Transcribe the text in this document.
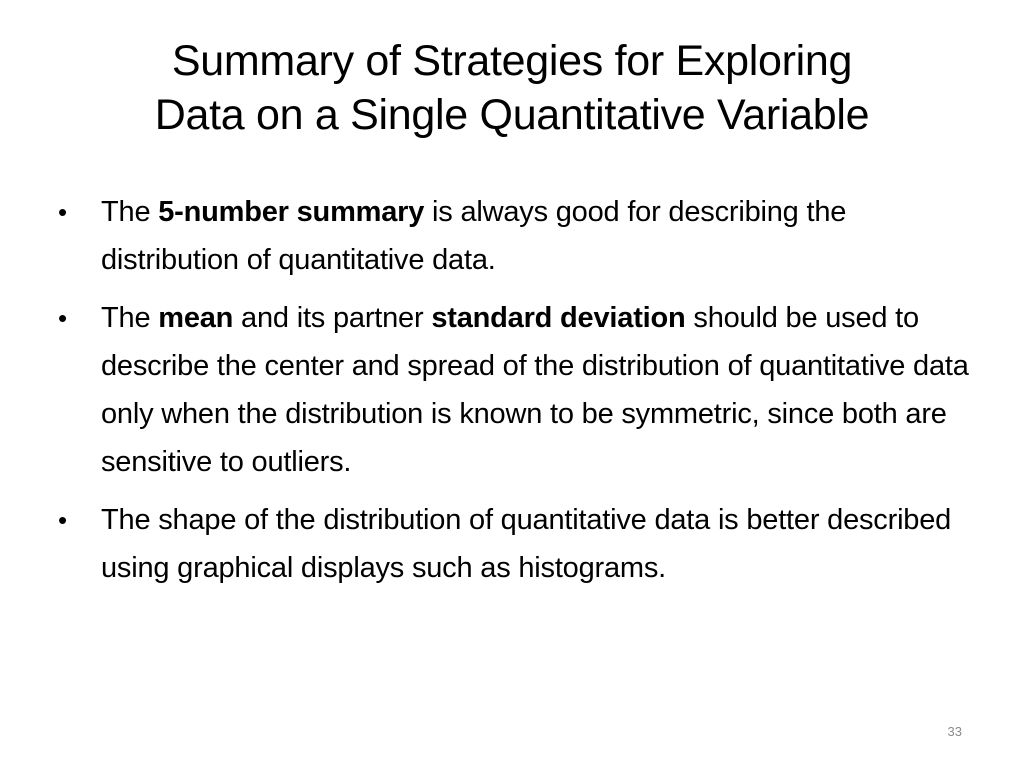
Summary of Strategies for Exploring
Data on a Single Quantitative Variable
•	The 5-number summary is always good for describing the distribution of quantitative data.
•	The mean and its partner standard deviation should be used to describe the center and spread of the distribution of quantitative data only when the distribution is known to be symmetric, since both are sensitive to outliers.
•	The shape of the distribution of quantitative data is better described using graphical displays such as histograms.
33
